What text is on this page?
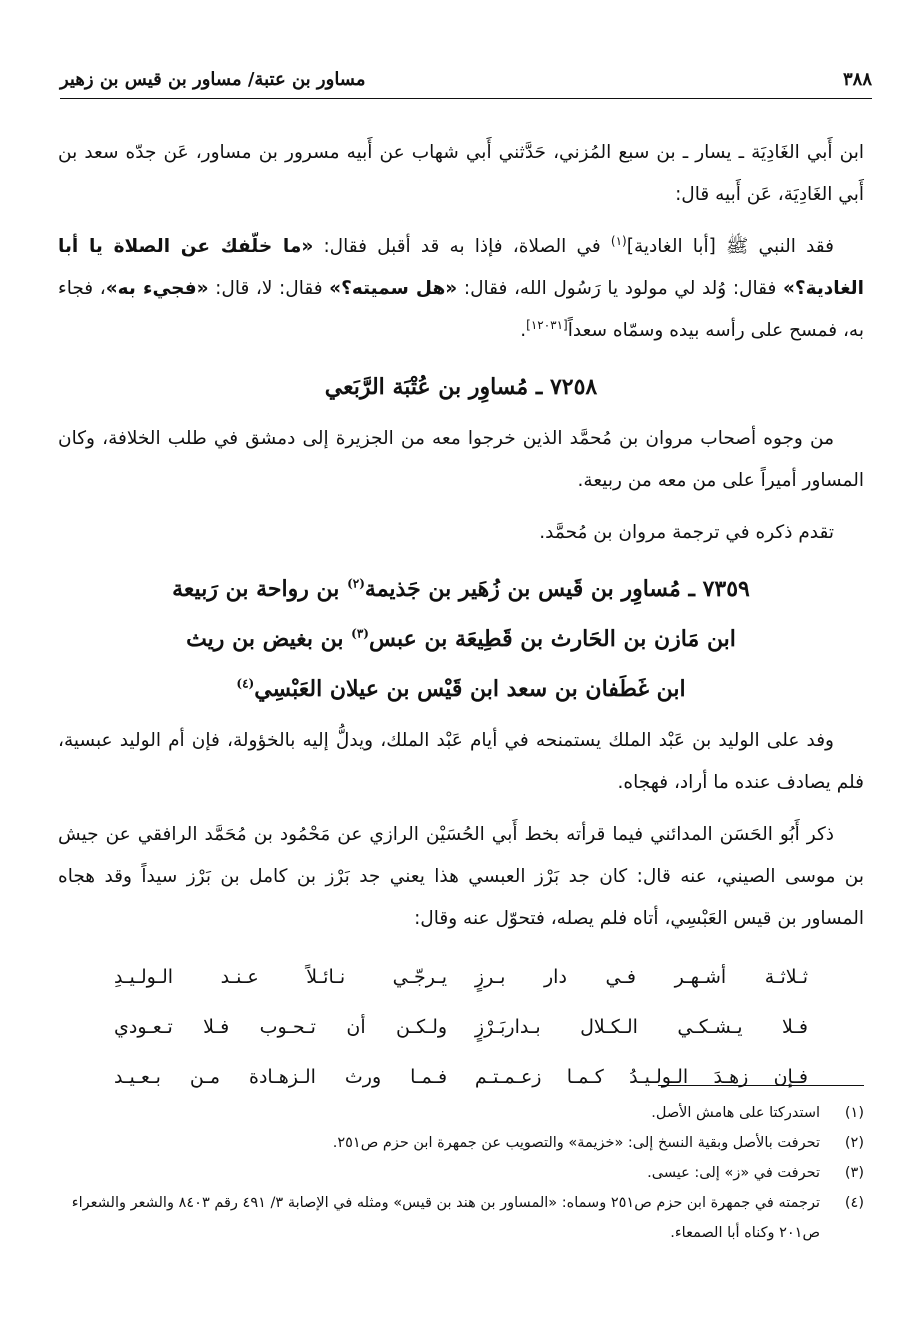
٣٨٨
مساور بن عتبة/ مساور بن قيس بن زهير

ابن أَبي الغَادِيَة ـ يسار ـ بن سبع المُزني، حَدَّثني أَبي شهاب عن أَبيه مسرور بن مساور، عَن جدّه سعد بن أَبي الغَادِيَة، عَن أَبيه قال:

فقد النبي ﷺ [أبا الغادية]$^{(١)}$ في الصلاة، فإذا به قد أقبل فقال: «ما خلّفك عن الصلاة يا أبا الغادية؟» فقال: وُلد لي مولود يا رَسُول الله، فقال: «هل سميته؟» فقال: لا، قال: «فجيء به»، فجاء به، فمسح على رأسه بيده وسمّاه سعداً[١٢٠٣١].

٧٢٥٨ ـ مُساوِر بن عُتْبَة الرَّبَعي

من وجوه أصحاب مروان بن مُحمَّد الذين خرجوا معه من الجزيرة إلى دمشق في طلب الخلافة، وكان المساور أميراً على من معه من ربيعة.

تقدم ذكره في ترجمة مروان بن مُحمَّد.

٧٣٥٩ ـ مُساوِر بن قَيس بن زُهَير بن جَذيمة$^{(٢)}$ بن رواحة بن رَبيعة
ابن مَازن بن الحَارث بن قَطِيعَة بن عبس$^{(٣)}$ بن بغيض بن ريث
ابن غَطَفان بن سعد ابن قَيْس بن عيلان العَبْسِي$^{(٤)}$

وفد على الوليد بن عَبْد الملك يستمنحه في أيام عَبْد الملك، ويدلُّ إليه بالخؤولة، فإن أم الوليد عبسية، فلم يصادف عنده ما أراد، فهجاه.

ذكر أَبُو الحَسَن المدائني فيما قرأته بخط أَبي الحُسَيْن الرازي عن مَحْمُود بن مُحَمَّد الرافقي عن جيش بن موسى الصيني، عنه قال: كان جد بَرْز العبسي هذا يعني جد بَرْز بن كامل بن بَرْز سيداً وقد هجاه المساور بن قيس العَبْسِي، أتاه فلم يصله، فتحوّل عنه وقال:

ثـلاثـة أشـهـر فـي دار بـرزٍ
يـرجّـي نـائـلاً عـنـد الـولـيـدِ
فـلا يـشـكـي الـكـلال بـداربَـرْزٍ
ولـكـن أن تـحـوب فـلا تـعـودي
فـإن زهـدَ الـولـيـدُ كـمـا زعـمـتـم
فـمـا ورث الـزهـادة مـن بـعـيـد
(١)
استدركتا على هامش الأصل.
(٢)
تحرفت بالأصل وبقية النسخ إلى: «خزيمة» والتصويب عن جمهرة ابن حزم ص٢٥١.
(٣)
تحرفت في «ز» إلى: عيسى.
(٤)
ترجمته في جمهرة ابن حزم ص٢٥١ وسماه: «المساور بن هند بن قيس» ومثله في الإصابة ٣/ ٤٩١ رقم ٨٤٠٣ والشعر والشعراء ص٢٠١ وكناه أبا الصمعاء.
